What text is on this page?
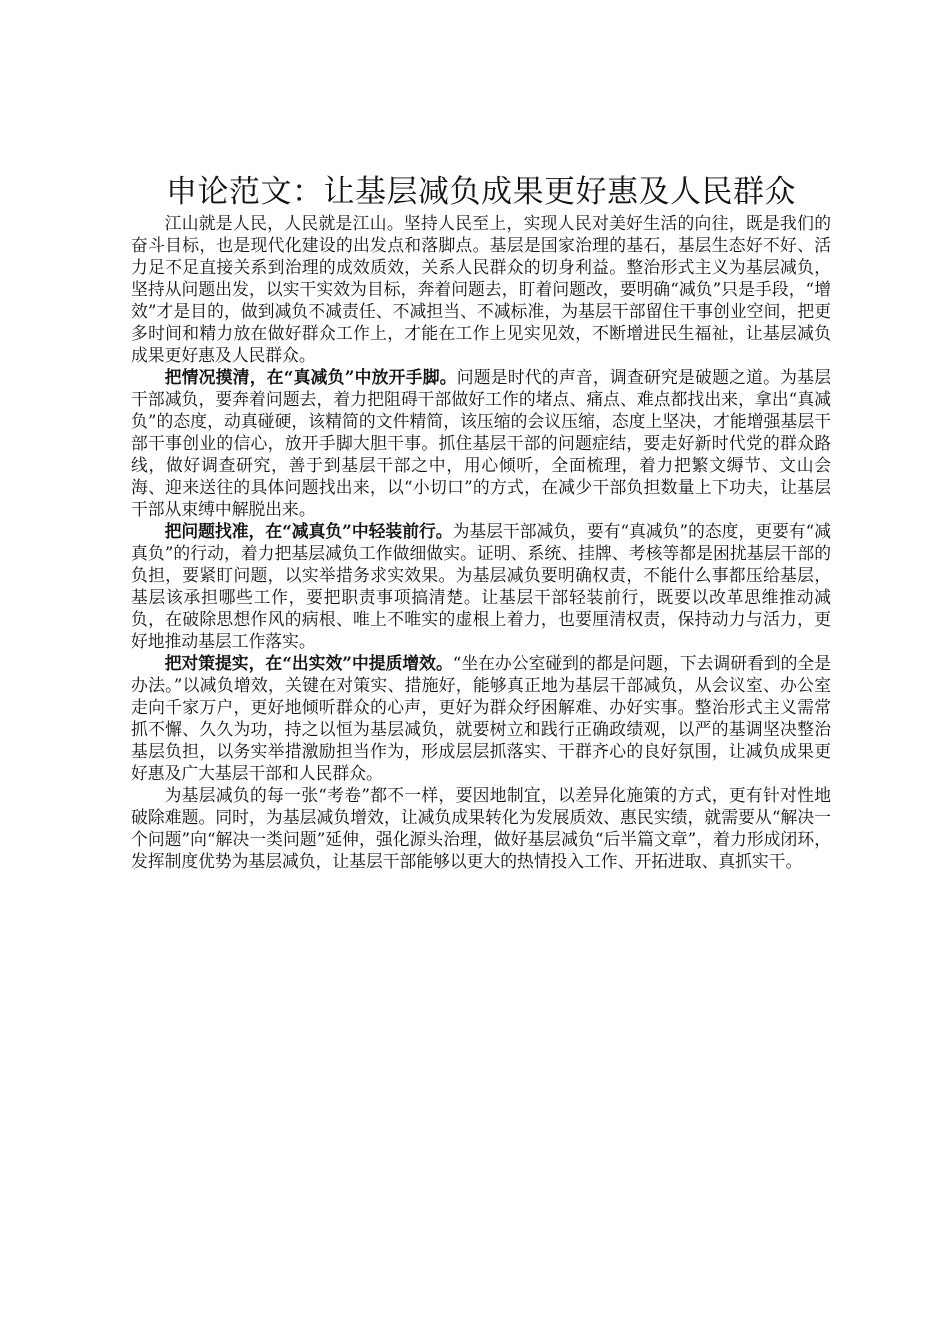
申论范文：让基层减负成果更好惠及人民群众

江山就是人民，人民就是江山。坚持人民至上，实现人民对美好生活的向往，既是我们的奋斗目标，也是现代化建设的出发点和落脚点。基层是国家治理的基石，基层生态好不好、活力足不足直接关系到治理的成效质效，关系人民群众的切身利益。整治形式主义为基层减负，坚持从问题出发，以实干实效为目标，奔着问题去，盯着问题改，要明确“减负”只是手段，“增效”才是目的，做到减负不减责任、不减担当、不减标准，为基层干部留住干事创业空间，把更多时间和精力放在做好群众工作上，才能在工作上见实见效，不断增进民生福祉，让基层减负成果更好惠及人民群众。

把情况摸清，在“真减负”中放开手脚。问题是时代的声音，调查研究是破题之道。为基层干部减负，要奔着问题去，着力把阻碍干部做好工作的堵点、痛点、难点都找出来，拿出“真减负”的态度，动真碰硬，该精简的文件精简，该压缩的会议压缩，态度上坚决，才能增强基层干部干事创业的信心，放开手脚大胆干事。抓住基层干部的问题症结，要走好新时代党的群众路线，做好调查研究，善于到基层干部之中，用心倾听，全面梳理，着力把繁文缛节、文山会海、迎来送往的具体问题找出来，以“小切口”的方式，在减少干部负担数量上下功夫，让基层干部从束缚中解脱出来。

把问题找准，在“减真负”中轻装前行。为基层干部减负，要有“真减负”的态度，更要有“减真负”的行动，着力把基层减负工作做细做实。证明、系统、挂牌、考核等都是困扰基层干部的负担，要紧盯问题，以实举措务求实效果。为基层减负要明确权责，不能什么事都压给基层，基层该承担哪些工作，要把职责事项搞清楚。让基层干部轻装前行，既要以改革思维推动减负，在破除思想作风的病根、唯上不唯实的虚根上着力，也要厘清权责，保持动力与活力，更好地推动基层工作落实。

把对策提实，在“出实效”中提质增效。“坐在办公室碰到的都是问题，下去调研看到的全是办法。”以减负增效，关键在对策实、措施好，能够真正地为基层干部减负，从会议室、办公室走向千家万户，更好地倾听群众的心声，更好为群众纾困解难、办好实事。整治形式主义需常抓不懈、久久为功，持之以恒为基层减负，就要树立和践行正确政绩观，以严的基调坚决整治基层负担，以务实举措激励担当作为，形成层层抓落实、干群齐心的良好氛围，让减负成果更好惠及广大基层干部和人民群众。

为基层减负的每一张“考卷”都不一样，要因地制宜，以差异化施策的方式，更有针对性地破除难题。同时，为基层减负增效，让减负成果转化为发展质效、惠民实绩，就需要从“解决一个问题”向“解决一类问题”延伸，强化源头治理，做好基层减负“后半篇文章”，着力形成闭环，发挥制度优势为基层减负，让基层干部能够以更大的热情投入工作、开拓进取、真抓实干。
